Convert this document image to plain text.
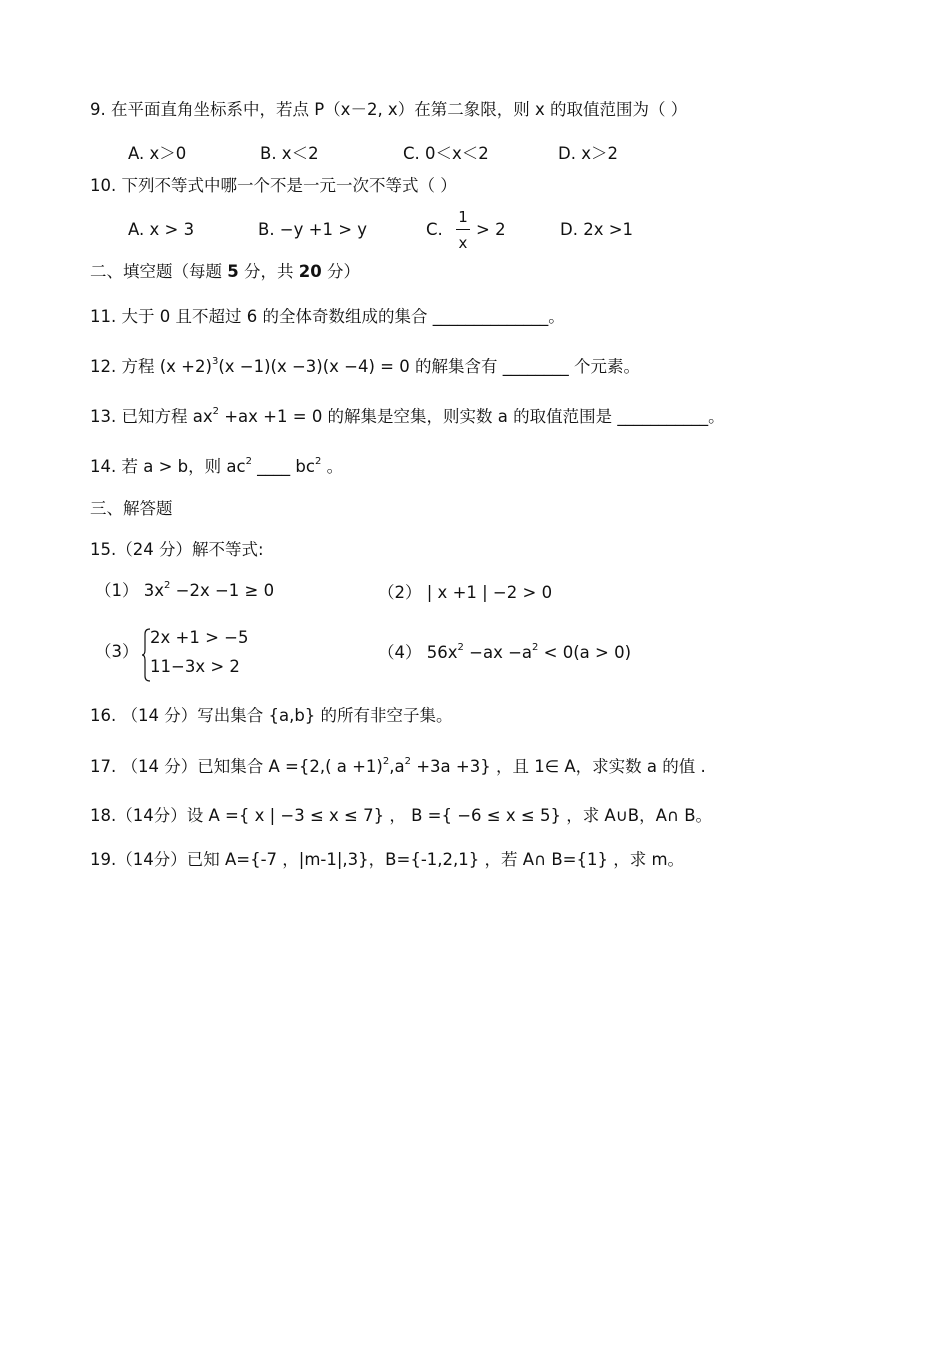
9. 在平面直角坐标系中，若点 P（x－2, x）在第二象限，则 x 的取值范围为（ ）
A. x＞0	B. x＜2	C. 0＜x＜2	D. x＞2
10. 下列不等式中哪一个不是一元一次不等式（ ）
A. x > 3	B. −y +1 > y	C.
1
x
> 2	D. 2x >1
二、填空题（每题 5 分，共 20 分）
11. 大于 0 且不超过 6 的全体奇数组成的集合 ______________。
12. 方程 $(x +2)^3(x -1)(x -3)(x -4) = 0$ 的解集含有 ________ 个元素。
13. 已知方程 $ax^2 +ax +1 = 0$ 的解集是空集，则实数 a 的取值范围是 ___________。
14. 若 a > b，则 $ac^2$ ____ $bc^2$ 。
三、解答题
15.（24 分）解不等式:
（1） $3x^2 -2x -1 \ge 0$	（2） | x +1 | −2 > 0
（3）
2x +1 > −5
11−3x > 2
（4） $56x^2 -ax -a^2 < 0(a > 0)$
16. （14 分）写出集合 {a,b} 的所有非空子集。
17. （14 分）已知集合 A ={2,( $a +1)^2,a^2 +3a +3$} ，且 1∈ A，求实数 a 的值 .
18.（14分）设 A ={ x | −3 ≤ x ≤ 7} ， B ={ −6 ≤ x ≤ 5} ，求 A∪B，A∩ B。
19.（14分）已知 A={-7 ，|m-1|,3}，B={-1,2,1} ，若 A∩ B={1} ，求 m。
